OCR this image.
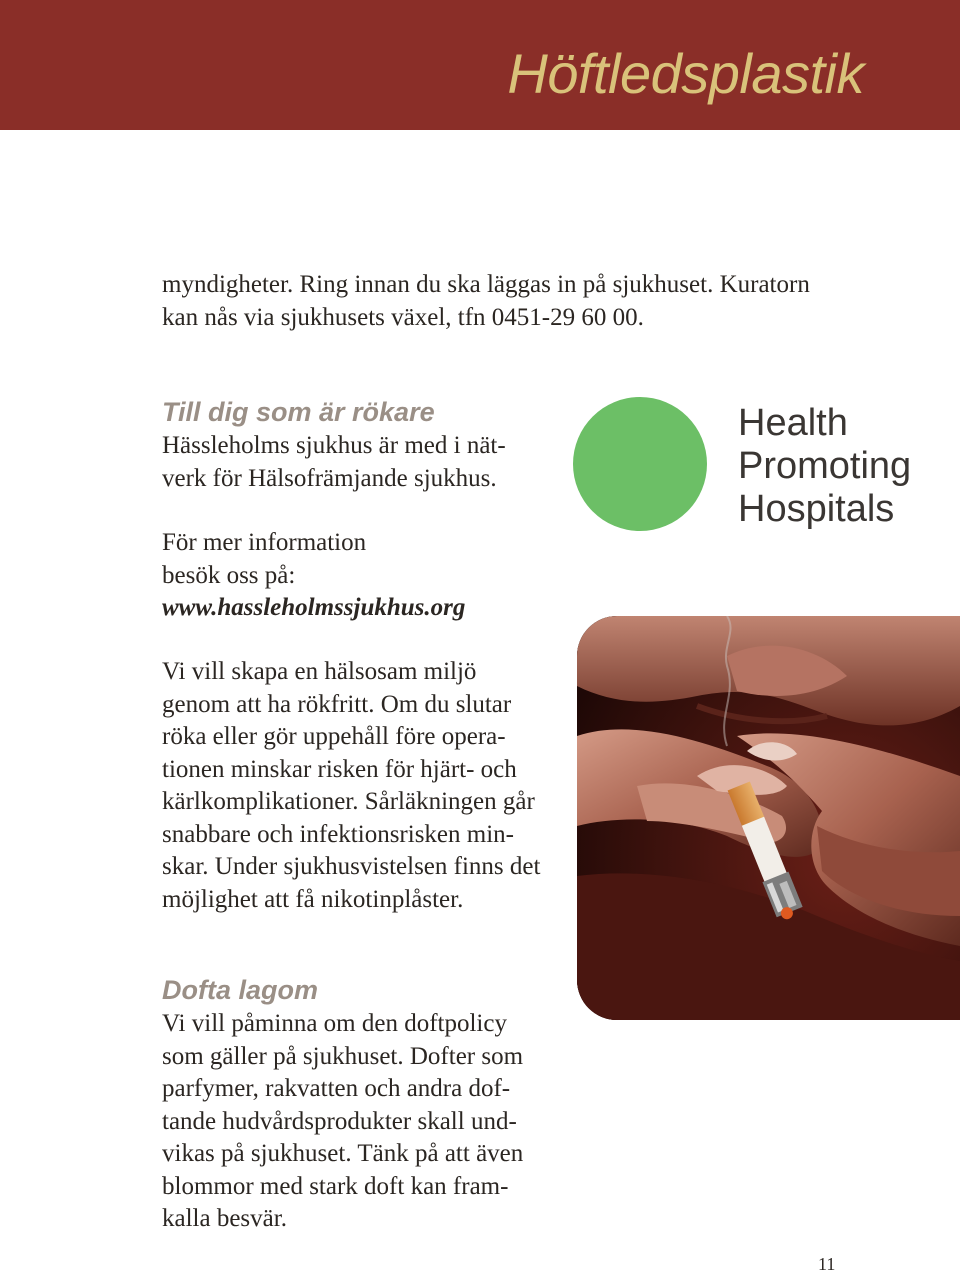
Höftledsplastik

myndigheter. Ring innan du ska läggas in på sjukhuset. Kuratorn
kan nås via sjukhusets växel, tfn 0451-29 60 00.

Till dig som är rökare

Hässleholms sjukhus är med i nät-
verk för Hälsofrämjande sjukhus.

För mer information
besök oss på:
www.hassleholmssjukhus.org

Vi vill skapa en hälsosam miljö
genom att ha rökfritt. Om du slutar
röka eller gör uppehåll före opera-
tionen minskar risken för hjärt- och
kärlkomplikationer. Sårläkningen går
snabbare och infektionsrisken min-
skar. Under sjukhusvistelsen finns det
möjlighet att få nikotinplåster.

Health
Promoting
Hospitals
Dofta lagom

Vi vill påminna om den doftpolicy
som gäller på sjukhuset. Dofter som
parfymer, rakvatten och andra dof-
tande hudvårdsprodukter skall und-
vikas på sjukhuset. Tänk på att även
blommor med stark doft kan fram-
kalla besvär.

11
